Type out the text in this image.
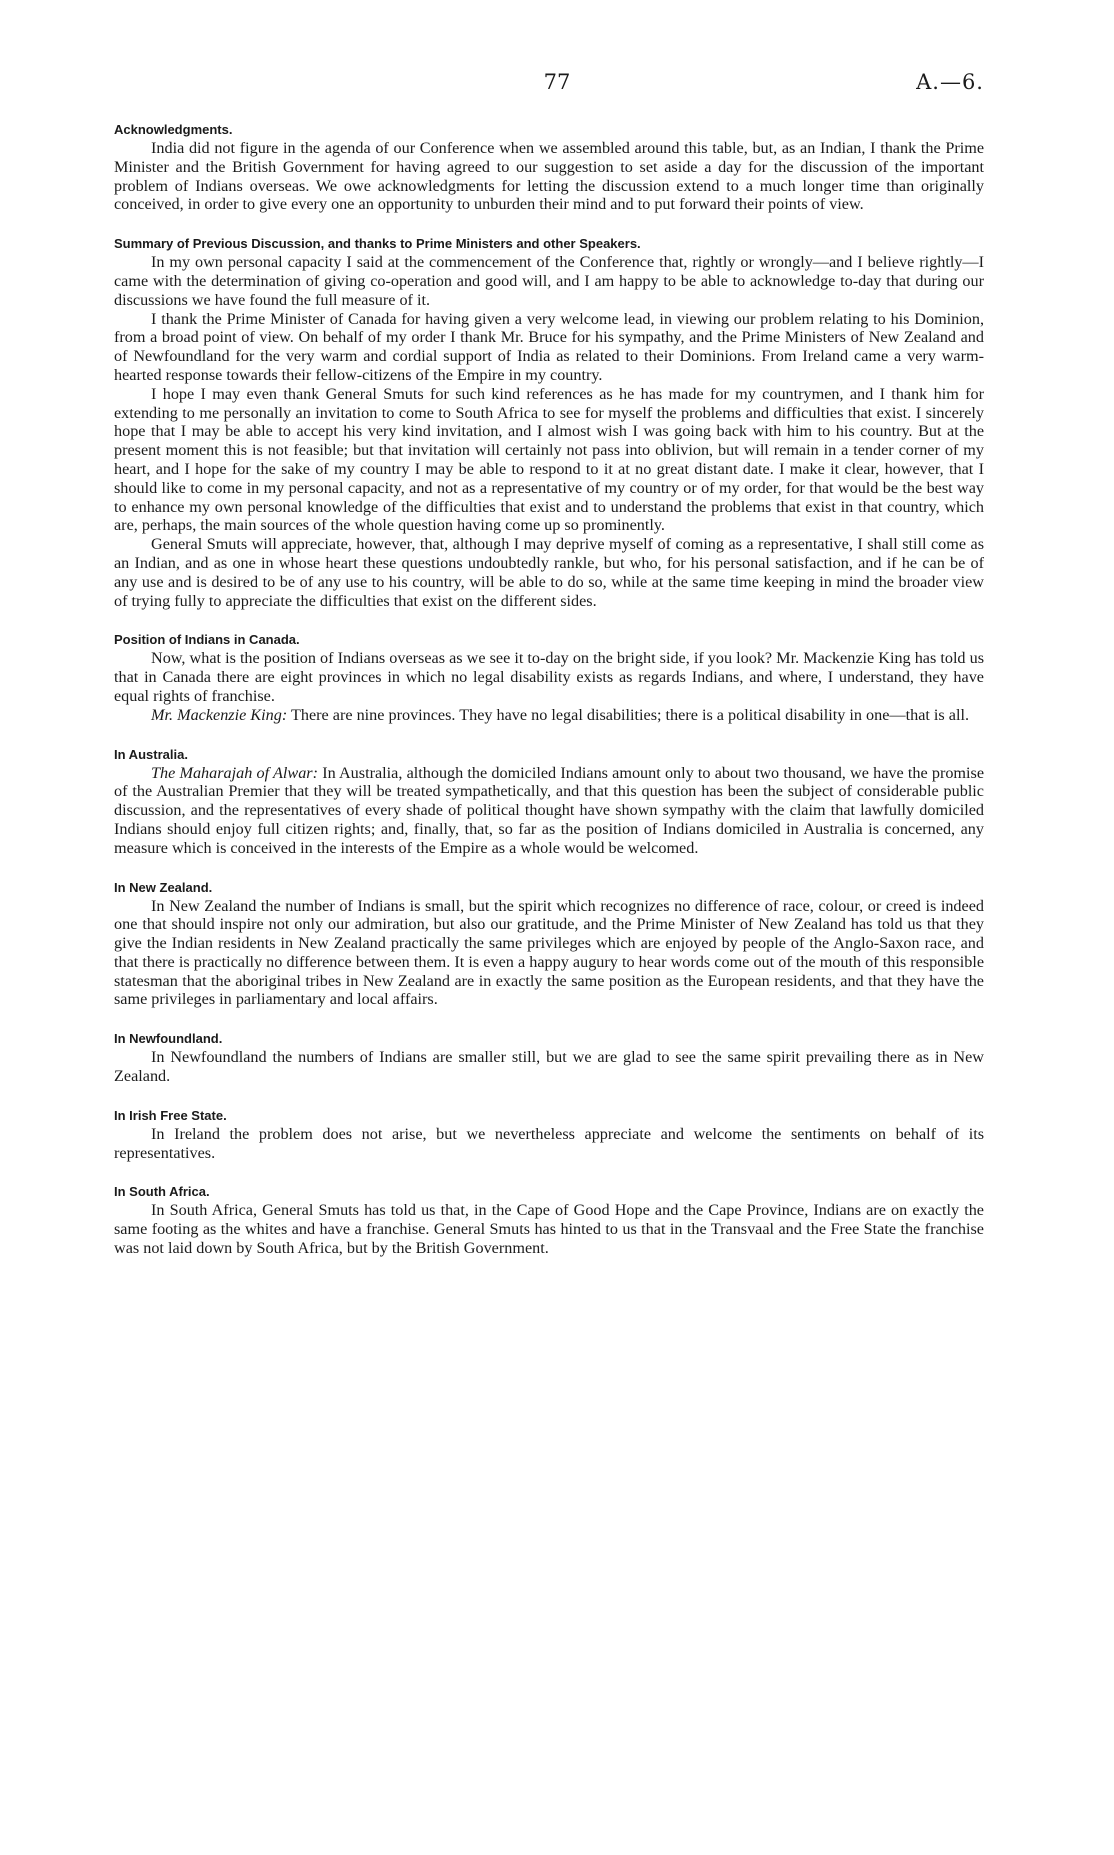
77	A.—6.
Acknowledgments.

India did not figure in the agenda of our Conference when we assembled around this table, but, as an Indian, I thank the Prime Minister and the British Government for having agreed to our suggestion to set aside a day for the discussion of the important problem of Indians overseas. We owe acknowledgments for letting the discussion extend to a much longer time than originally conceived, in order to give every one an opportunity to unburden their mind and to put forward their points of view.

Summary of Previous Discussion, and thanks to Prime Ministers and other Speakers.

In my own personal capacity I said at the commencement of the Conference that, rightly or wrongly—and I believe rightly—I came with the determination of giving co-operation and good will, and I am happy to be able to acknowledge to-day that during our discussions we have found the full measure of it.

I thank the Prime Minister of Canada for having given a very welcome lead, in viewing our problem relating to his Dominion, from a broad point of view. On behalf of my order I thank Mr. Bruce for his sympathy, and the Prime Ministers of New Zealand and of Newfoundland for the very warm and cordial support of India as related to their Dominions. From Ireland came a very warm-hearted response towards their fellow-citizens of the Empire in my country.

I hope I may even thank General Smuts for such kind references as he has made for my countrymen, and I thank him for extending to me personally an invitation to come to South Africa to see for myself the problems and difficulties that exist. I sincerely hope that I may be able to accept his very kind invitation, and I almost wish I was going back with him to his country. But at the present moment this is not feasible; but that invitation will certainly not pass into oblivion, but will remain in a tender corner of my heart, and I hope for the sake of my country I may be able to respond to it at no great distant date. I make it clear, however, that I should like to come in my personal capacity, and not as a representative of my country or of my order, for that would be the best way to enhance my own personal knowledge of the difficulties that exist and to understand the problems that exist in that country, which are, perhaps, the main sources of the whole question having come up so prominently.

General Smuts will appreciate, however, that, although I may deprive myself of coming as a representative, I shall still come as an Indian, and as one in whose heart these questions undoubtedly rankle, but who, for his personal satisfaction, and if he can be of any use and is desired to be of any use to his country, will be able to do so, while at the same time keeping in mind the broader view of trying fully to appreciate the difficulties that exist on the different sides.

Position of Indians in Canada.

Now, what is the position of Indians overseas as we see it to-day on the bright side, if you look? Mr. Mackenzie King has told us that in Canada there are eight provinces in which no legal disability exists as regards Indians, and where, I understand, they have equal rights of franchise.

Mr. Mackenzie King: There are nine provinces. They have no legal disabilities; there is a political disability in one—that is all.

In Australia.

The Maharajah of Alwar: In Australia, although the domiciled Indians amount only to about two thousand, we have the promise of the Australian Premier that they will be treated sympathetically, and that this question has been the subject of considerable public discussion, and the representatives of every shade of political thought have shown sympathy with the claim that lawfully domiciled Indians should enjoy full citizen rights; and, finally, that, so far as the position of Indians domiciled in Australia is concerned, any measure which is conceived in the interests of the Empire as a whole would be welcomed.

In New Zealand.

In New Zealand the number of Indians is small, but the spirit which recognizes no difference of race, colour, or creed is indeed one that should inspire not only our admiration, but also our gratitude, and the Prime Minister of New Zealand has told us that they give the Indian residents in New Zealand practically the same privileges which are enjoyed by people of the Anglo-Saxon race, and that there is practically no difference between them. It is even a happy augury to hear words come out of the mouth of this responsible statesman that the aboriginal tribes in New Zealand are in exactly the same position as the European residents, and that they have the same privileges in parliamentary and local affairs.

In Newfoundland.

In Newfoundland the numbers of Indians are smaller still, but we are glad to see the same spirit prevailing there as in New Zealand.

In Irish Free State.

In Ireland the problem does not arise, but we nevertheless appreciate and welcome the sentiments on behalf of its representatives.

In South Africa.

In South Africa, General Smuts has told us that, in the Cape of Good Hope and the Cape Province, Indians are on exactly the same footing as the whites and have a franchise. General Smuts has hinted to us that in the Transvaal and the Free State the franchise was not laid down by South Africa, but by the British Government.
